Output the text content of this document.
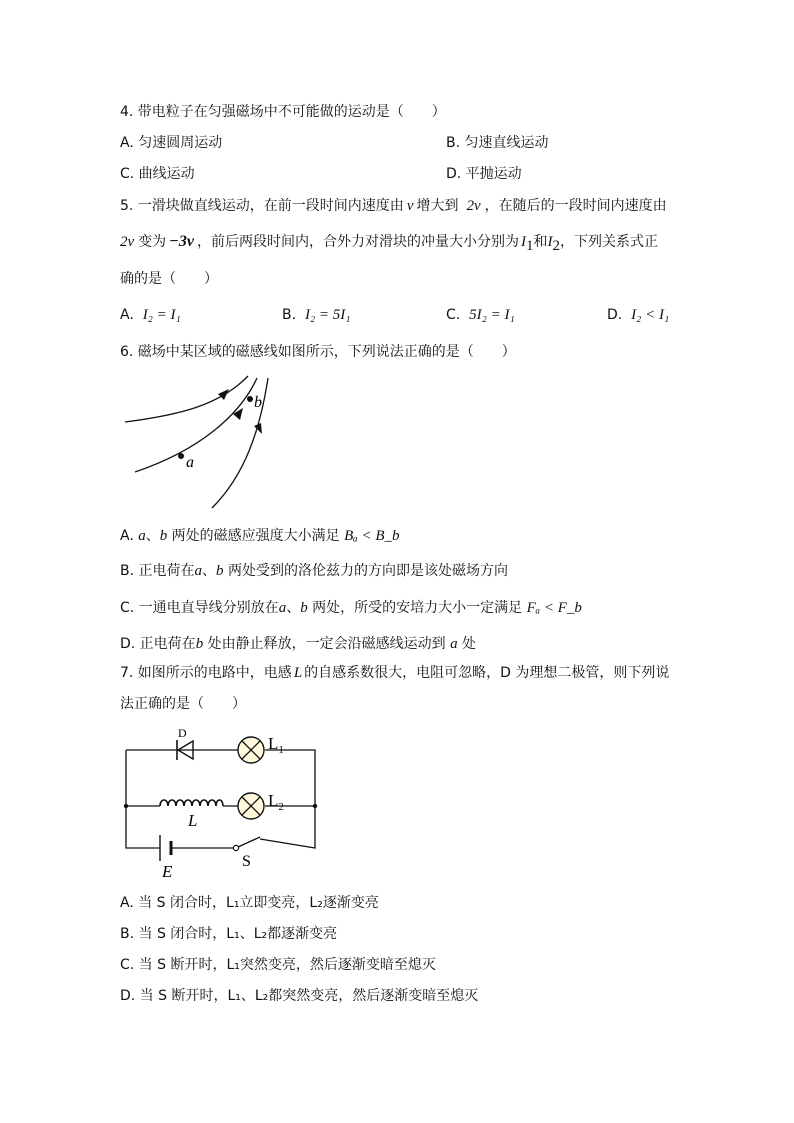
4. 带电粒子在匀强磁场中不可能做的运动是（　　）
A. 匀速圆周运动	B. 匀速直线运动
C. 曲线运动	D. 平抛运动
5. 一滑块做直线运动，在前一段时间内速度由 v 增大到 2v ，在随后的一段时间内速度由
2v 变为 −3v ，前后两段时间内，合外力对滑块的冲量大小分别为 $I_1$和$I_2$，下列关系式正
确的是（　　）
A. I₂ = I₁	B. I₂ = 5I₁	C. 5I₂ = I₁	D. I₂ < I₁
6. 磁场中某区域的磁感线如图所示，下列说法正确的是（　　）
a
b
A. a、b 两处的磁感应强度大小满足 Bₐ < B_b
B. 正电荷在a、b 两处受到的洛伦兹力的方向即是该处磁场方向
C. 一通电直导线分别放在a、b 两处，所受的安培力大小一定满足 Fₐ < F_b
D. 正电荷在b 处由静止释放，一定会沿磁感线运动到 a 处
7. 如图所示的电路中，电感 L 的自感系数很大，电阻可忽略，D 为理想二极管，则下列说
法正确的是（　　）
D
$L_1$
L
$L_2$
E
S
A. 当 S 闭合时，L₁立即变亮，L₂逐渐变亮
B. 当 S 闭合时，L₁、L₂都逐渐变亮
C. 当 S 断开时，L₁突然变亮，然后逐渐变暗至熄灭
D. 当 S 断开时，L₁、L₂都突然变亮，然后逐渐变暗至熄灭
